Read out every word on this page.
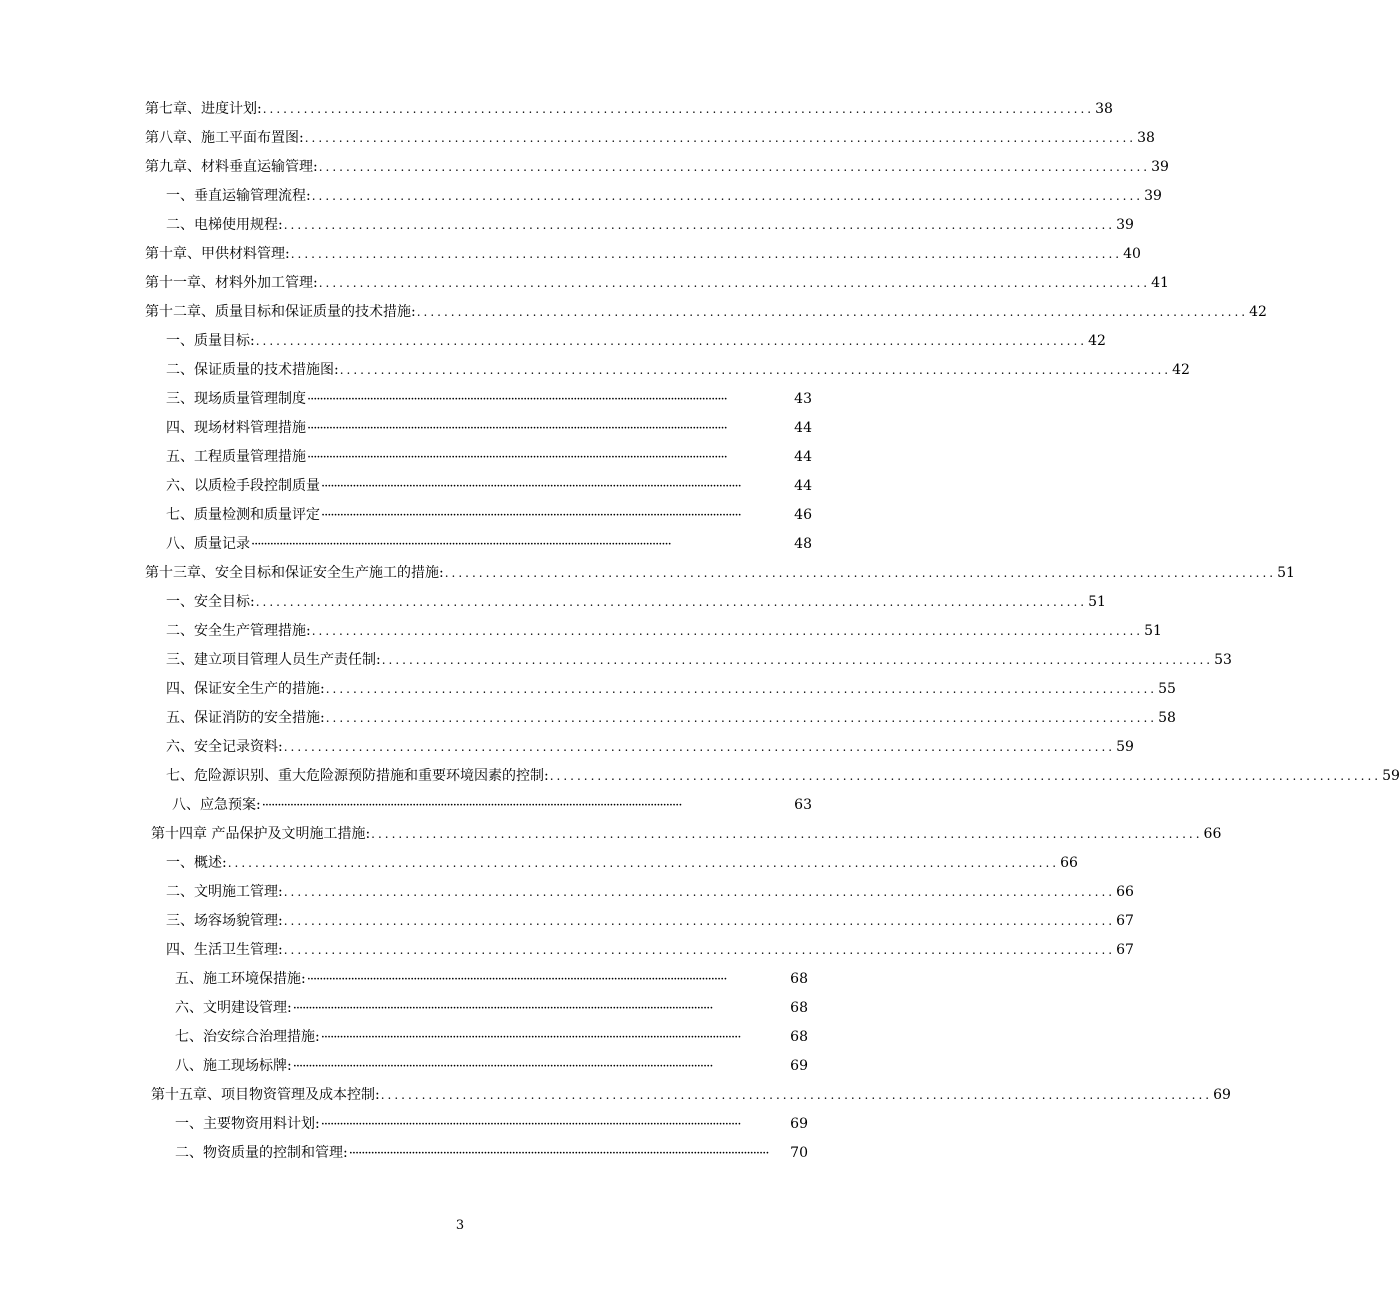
第七章、进度计划: .......................................................................................................................... 38
第八章、施工平面布置图: .......................................................................................................................... 38
第九章、材料垂直运输管理: .......................................................................................................................... 39
一、垂直运输管理流程: .......................................................................................................................... 39
二、电梯使用规程: .......................................................................................................................... 39
第十章、甲供材料管理: .......................................................................................................................... 40
第十一章、材料外加工管理: .......................................................................................................................... 41
第十二章、质量目标和保证质量的技术措施: .......................................................................................................................... 42
一、质量目标: .......................................................................................................................... 42
二、保证质量的技术措施图: .......................................................................................................................... 42
三、现场质量管理制度 ······································································································································	43
四、现场材料管理措施 ······································································································································	44
五、工程质量管理措施 ······································································································································	44
六、以质检手段控制质量 ······································································································································	44
七、质量检测和质量评定 ······································································································································	46
八、质量记录 ······································································································································	48
第十三章、安全目标和保证安全生产施工的措施: .......................................................................................................................... 51
一、安全目标: .......................................................................................................................... 51
二、安全生产管理措施: .......................................................................................................................... 51
三、建立项目管理人员生产责任制: .......................................................................................................................... 53
四、保证安全生产的措施: .......................................................................................................................... 55
五、保证消防的安全措施: .......................................................................................................................... 58
六、安全记录资料: .......................................................................................................................... 59
七、危险源识别、重大危险源预防措施和重要环境因素的控制: .......................................................................................................................... 59
八、应急预案: ······································································································································	63
第十四章 产品保护及文明施工措施: .......................................................................................................................... 66
一、概述: .......................................................................................................................... 66
二、文明施工管理: .......................................................................................................................... 66
三、场容场貌管理: .......................................................................................................................... 67
四、生活卫生管理: .......................................................................................................................... 67
五、施工环境保措施: ······································································································································	68
六、文明建设管理: ······································································································································	68
七、治安综合治理措施: ······································································································································	68
八、施工现场标牌: ······································································································································	69
第十五章、项目物资管理及成本控制: .......................................................................................................................... 69
一、主要物资用料计划: ······································································································································	69
二、物资质量的控制和管理: ······································································································································	70
3
